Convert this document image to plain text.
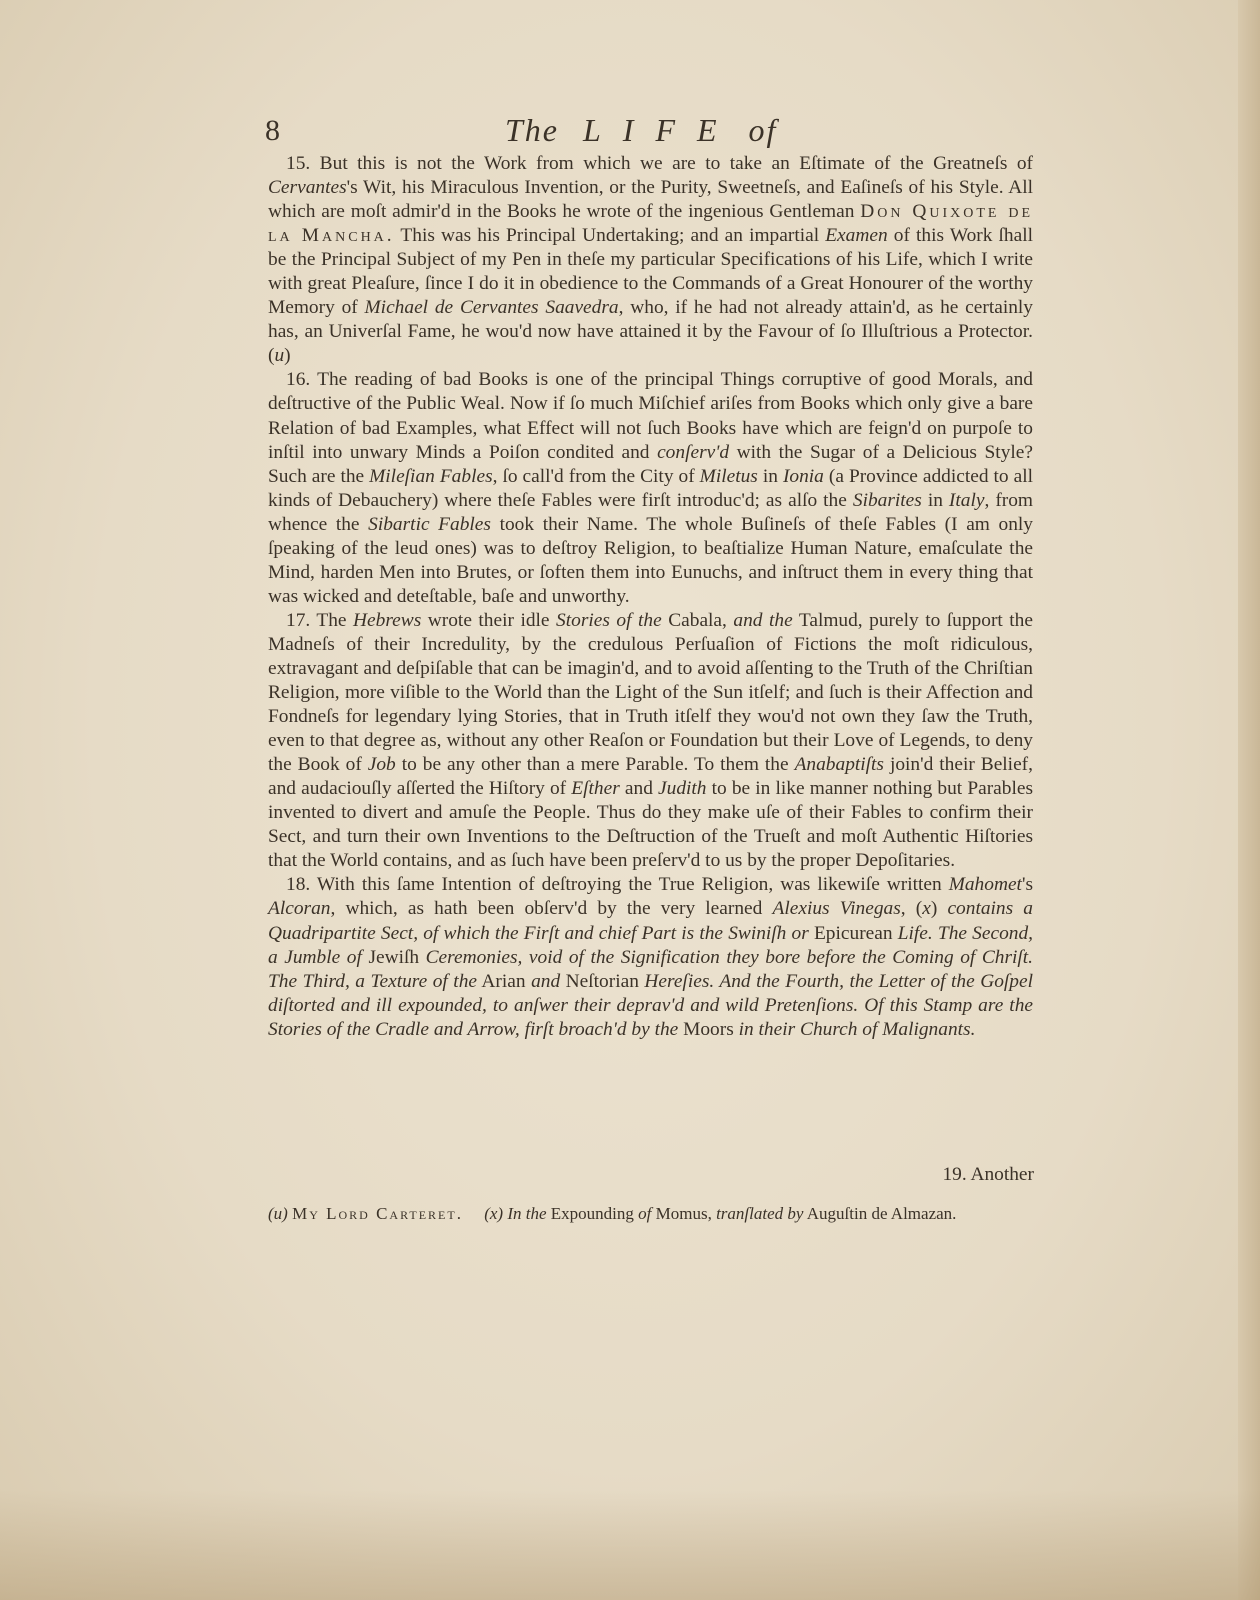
8	The LIFE of

15. But this is not the Work from which we are to take an Eſtimate of the Greatneſs of Cervantes's Wit, his Miraculous Invention, or the Purity, Sweetneſs, and Eaſineſs of his Style. All which are moſt admir'd in the Books he wrote of the ingenious Gentleman Don Quixote de la Mancha. This was his Principal Undertaking; and an impartial Examen of this Work ſhall be the Principal Subject of my Pen in theſe my particular Specifications of his Life, which I write with great Pleaſure, ſince I do it in obedience to the Commands of a Great Honourer of the worthy Memory of Michael de Cervantes Saavedra, who, if he had not already attain'd, as he certainly has, an Univerſal Fame, he wou'd now have attained it by the Favour of ſo Illuſtrious a Protector. (u)

16. The reading of bad Books is one of the principal Things corruptive of good Morals, and deſtructive of the Public Weal. Now if ſo much Miſchief ariſes from Books which only give a bare Relation of bad Examples, what Effect will not ſuch Books have which are feign'd on purpoſe to inſtil into unwary Minds a Poiſon condited and conſerv'd with the Sugar of a Delicious Style? Such are the Mileſian Fables, ſo call'd from the City of Miletus in Ionia (a Province addicted to all kinds of Debauchery) where theſe Fables were firſt introduc'd; as alſo the Sibarites in Italy, from whence the Sibartic Fables took their Name. The whole Buſineſs of theſe Fables (I am only ſpeaking of the leud ones) was to deſtroy Religion, to beaſtialize Human Nature, emaſculate the Mind, harden Men into Brutes, or ſoften them into Eunuchs, and inſtruct them in every thing that was wicked and deteſtable, baſe and unworthy.

17. The Hebrews wrote their idle Stories of the Cabala, and the Talmud, purely to ſupport the Madneſs of their Incredulity, by the credulous Perſuaſion of Fictions the moſt ridiculous, extravagant and deſpiſable that can be imagin'd, and to avoid aſſenting to the Truth of the Chriſtian Religion, more viſible to the World than the Light of the Sun itſelf; and ſuch is their Affection and Fondneſs for legendary lying Stories, that in Truth itſelf they wou'd not own they ſaw the Truth, even to that degree as, without any other Reaſon or Foundation but their Love of Legends, to deny the Book of Job to be any other than a mere Parable. To them the Anabaptiſts join'd their Belief, and audaciouſly aſſerted the Hiſtory of Eſther and Judith to be in like manner nothing but Parables invented to divert and amuſe the People. Thus do they make uſe of their Fables to confirm their Sect, and turn their own Inventions to the Deſtruction of the Trueſt and moſt Authentic Hiſtories that the World contains, and as ſuch have been preſerv'd to us by the proper Depoſitaries.

18. With this ſame Intention of deſtroying the True Religion, was likewiſe written Mahomet's Alcoran, which, as hath been obſerv'd by the very learned Alexius Vinegas, (x) contains a Quadripartite Sect, of which the Firſt and chief Part is the Swiniſh or Epicurean Life. The Second, a Jumble of Jewiſh Ceremonies, void of the Signification they bore before the Coming of Chriſt. The Third, a Texture of the Arian and Neſtorian Hereſies. And the Fourth, the Letter of the Goſpel diſtorted and ill expounded, to anſwer their deprav'd and wild Pretenſions. Of this Stamp are the Stories of the Cradle and Arrow, firſt broach'd by the Moors in their Church of Malignants.

19. Another
(u) My Lord Carteret. (x) In the Expounding of Momus, tranſlated by Auguſtin de Almazan.
